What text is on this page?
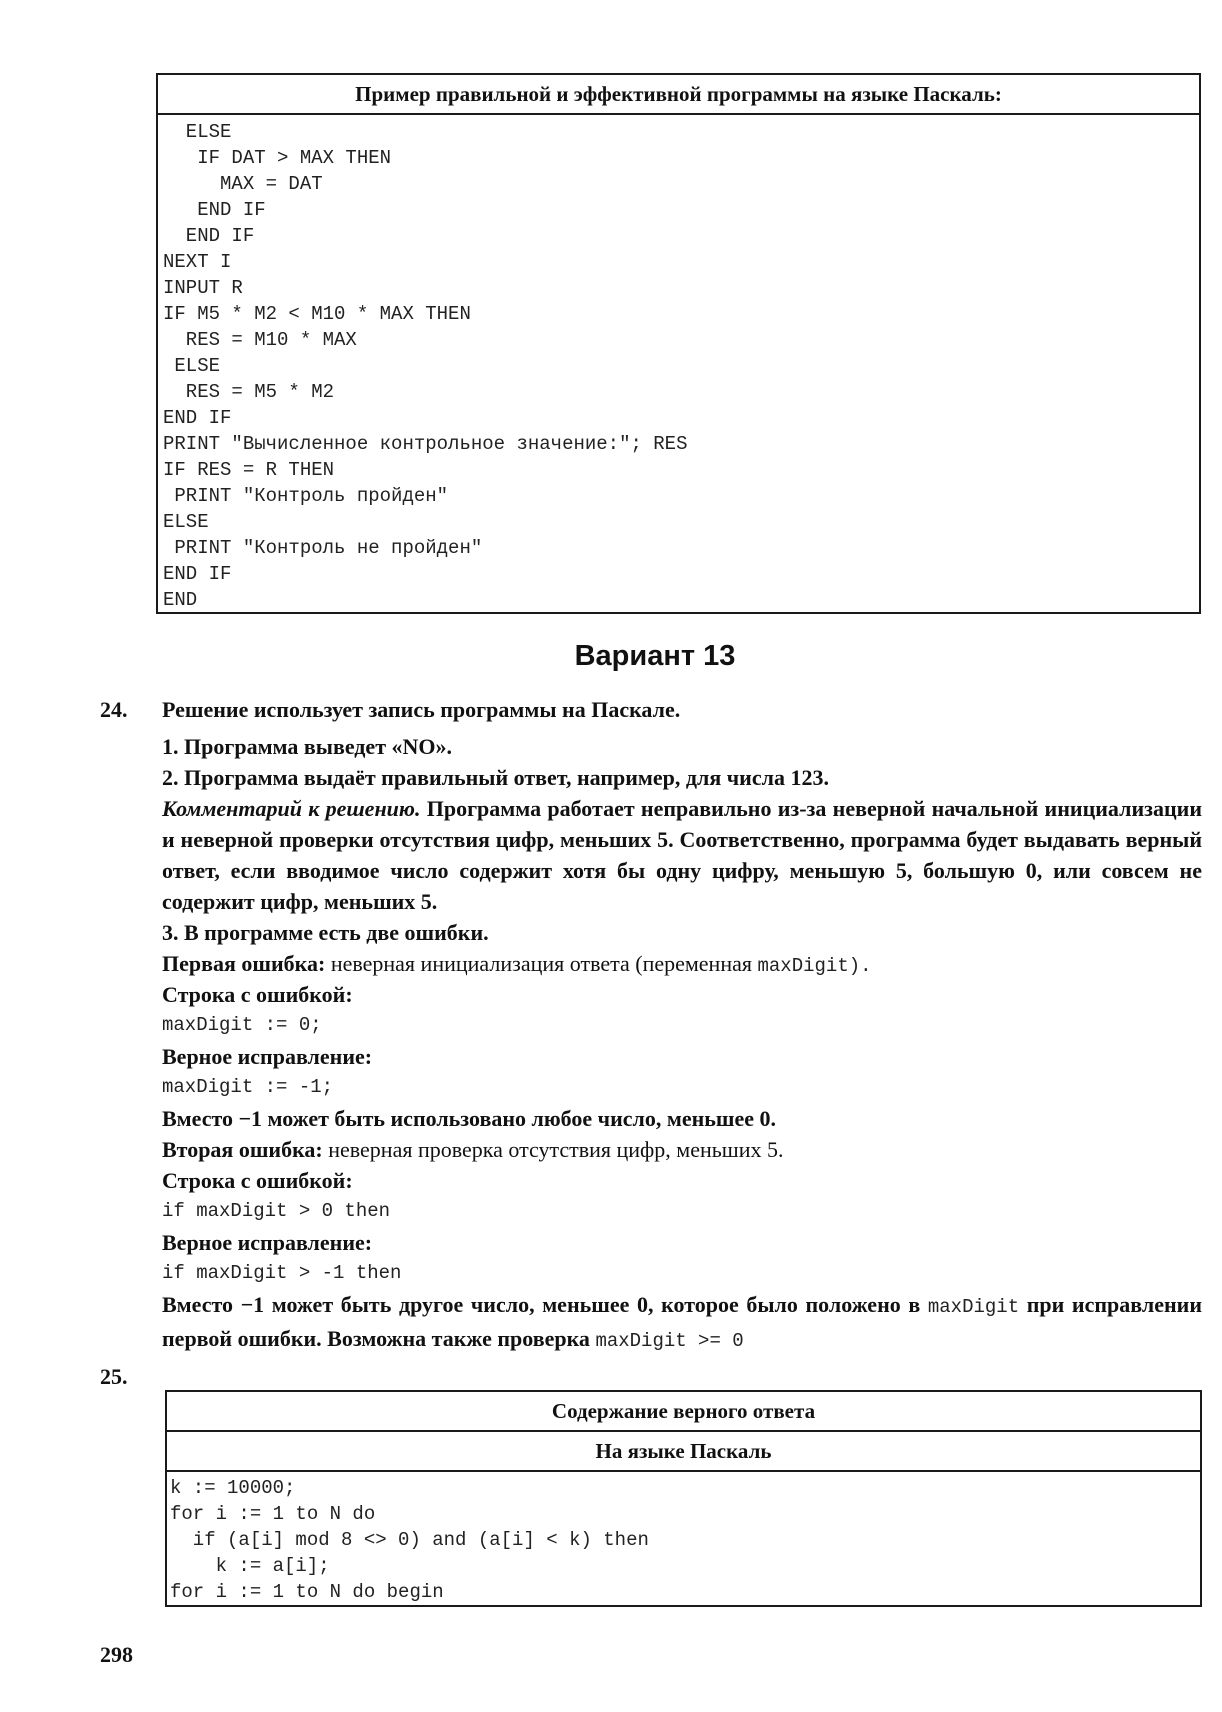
Пример правильной и эффективной программы на языке Паскаль:
ELSE
IF DAT > MAX THEN
MAX = DAT
END IF
END IF
NEXT I
INPUT R
IF M5 * M2 < M10 * MAX THEN
RES = M10 * MAX
ELSE
RES = M5 * M2
END IF
PRINT "Вычисленное контрольное значение:"; RES
IF RES = R THEN
PRINT "Контроль пройден"
ELSE
PRINT "Контроль не пройден"
END IF
END
Вариант 13
24. Решение использует запись программы на Паскале.
1. Программа выведет «NO».
2. Программа выдаёт правильный ответ, например, для числа 123.
Комментарий к решению. Программа работает неправильно из-за неверной начальной инициализации и неверной проверки отсутствия цифр, меньших 5. Соответственно, программа будет выдавать верный ответ, если вводимое число содержит хотя бы одну цифру, меньшую 5, большую 0, или совсем не содержит цифр, меньших 5.
3. В программе есть две ошибки.
Первая ошибка: неверная инициализация ответа (переменная maxDigit).
Строка с ошибкой:
maxDigit := 0;
Верное исправление:
maxDigit := -1;
Вместо −1 может быть использовано любое число, меньшее 0.
Вторая ошибка: неверная проверка отсутствия цифр, меньших 5.
Строка с ошибкой:
if maxDigit > 0 then
Верное исправление:
if maxDigit > -1 then
Вместо −1 может быть другое число, меньшее 0, которое было положено в maxDigit при исправлении первой ошибки. Возможна также проверка maxDigit >= 0
25.
Содержание верного ответа
На языке Паскаль
k := 10000;
for i := 1 to N do
if (a[i] mod 8 <> 0) and (a[i] < k) then
k := a[i];
for i := 1 to N do begin
298
